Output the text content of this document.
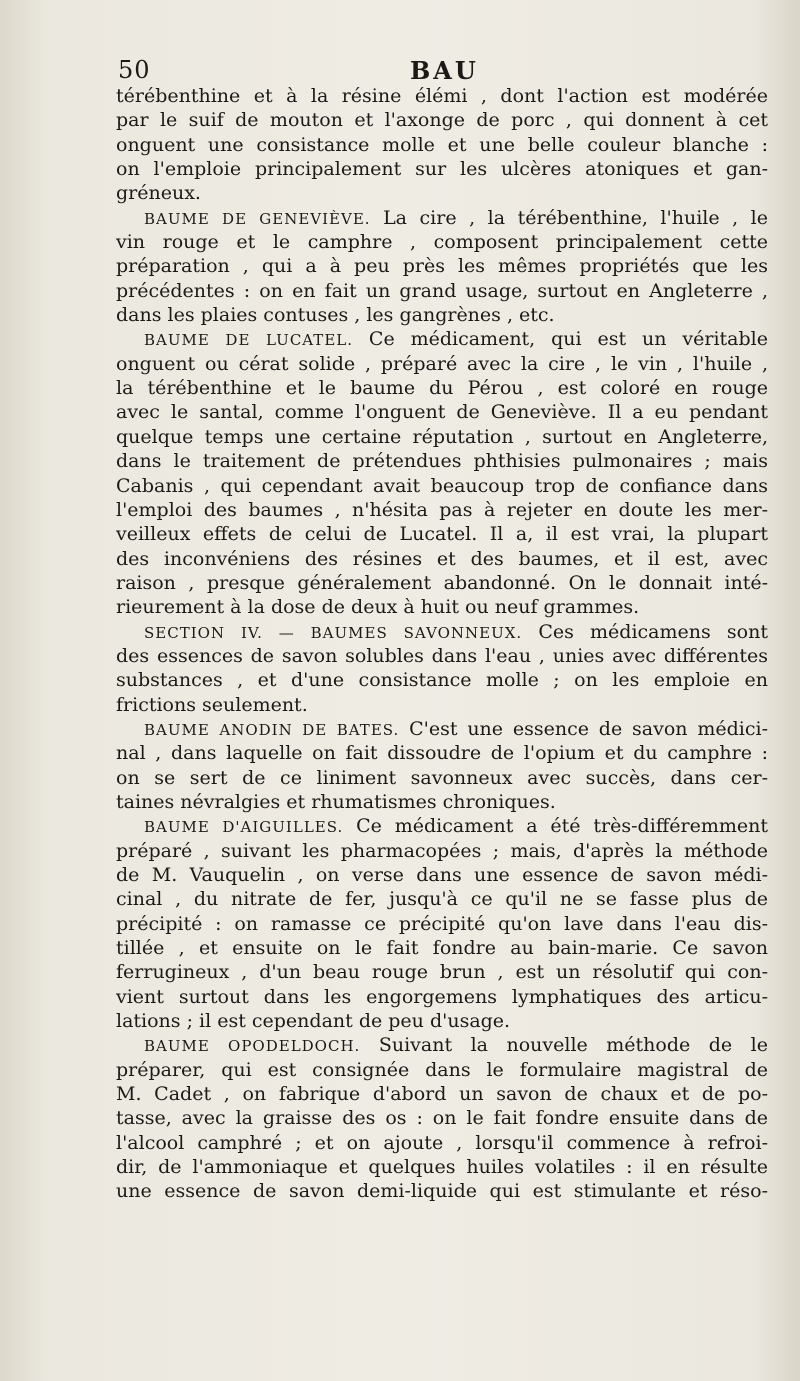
50	BAU
térébenthine et à la résine élémi , dont l'action est modérée
par le suif de mouton et l'axonge de porc , qui donnent à cet
onguent une consistance molle et une belle couleur blanche :
on l'emploie principalement sur les ulcères atoniques et gan-
gréneux.
BAUME DE GENEVIÈVE. La cire , la térébenthine, l'huile , le
vin rouge et le camphre , composent principalement cette
préparation , qui a à peu près les mêmes propriétés que les
précédentes : on en fait un grand usage, surtout en Angleterre ,
dans les plaies contuses , les gangrènes , etc.
BAUME DE LUCATEL. Ce médicament, qui est un véritable
onguent ou cérat solide , préparé avec la cire , le vin , l'huile ,
la térébenthine et le baume du Pérou , est coloré en rouge
avec le santal, comme l'onguent de Geneviève. Il a eu pendant
quelque temps une certaine réputation , surtout en Angleterre,
dans le traitement de prétendues phthisies pulmonaires ; mais
Cabanis , qui cependant avait beaucoup trop de confiance dans
l'emploi des baumes , n'hésita pas à rejeter en doute les mer-
veilleux effets de celui de Lucatel. Il a, il est vrai, la plupart
des inconvéniens des résines et des baumes, et il est, avec
raison , presque généralement abandonné. On le donnait inté-
rieurement à la dose de deux à huit ou neuf grammes.
SECTION IV. — BAUMES SAVONNEUX. Ces médicamens sont
des essences de savon solubles dans l'eau , unies avec différentes
substances , et d'une consistance molle ; on les emploie en
frictions seulement.
BAUME ANODIN DE BATES. C'est une essence de savon médici-
nal , dans laquelle on fait dissoudre de l'opium et du camphre :
on se sert de ce liniment savonneux avec succès, dans cer-
taines névralgies et rhumatismes chroniques.
BAUME D'AIGUILLES. Ce médicament a été très-différemment
préparé , suivant les pharmacopées ; mais, d'après la méthode
de M. Vauquelin , on verse dans une essence de savon médi-
cinal , du nitrate de fer, jusqu'à ce qu'il ne se fasse plus de
précipité : on ramasse ce précipité qu'on lave dans l'eau dis-
tillée , et ensuite on le fait fondre au bain-marie. Ce savon
ferrugineux , d'un beau rouge brun , est un résolutif qui con-
vient surtout dans les engorgemens lymphatiques des articu-
lations ; il est cependant de peu d'usage.
BAUME OPODELDOCH. Suivant la nouvelle méthode de le
préparer, qui est consignée dans le formulaire magistral de
M. Cadet , on fabrique d'abord un savon de chaux et de po-
tasse, avec la graisse des os : on le fait fondre ensuite dans de
l'alcool camphré ; et on ajoute , lorsqu'il commence à refroi-
dir, de l'ammoniaque et quelques huiles volatiles : il en résulte
une essence de savon demi-liquide qui est stimulante et réso-
